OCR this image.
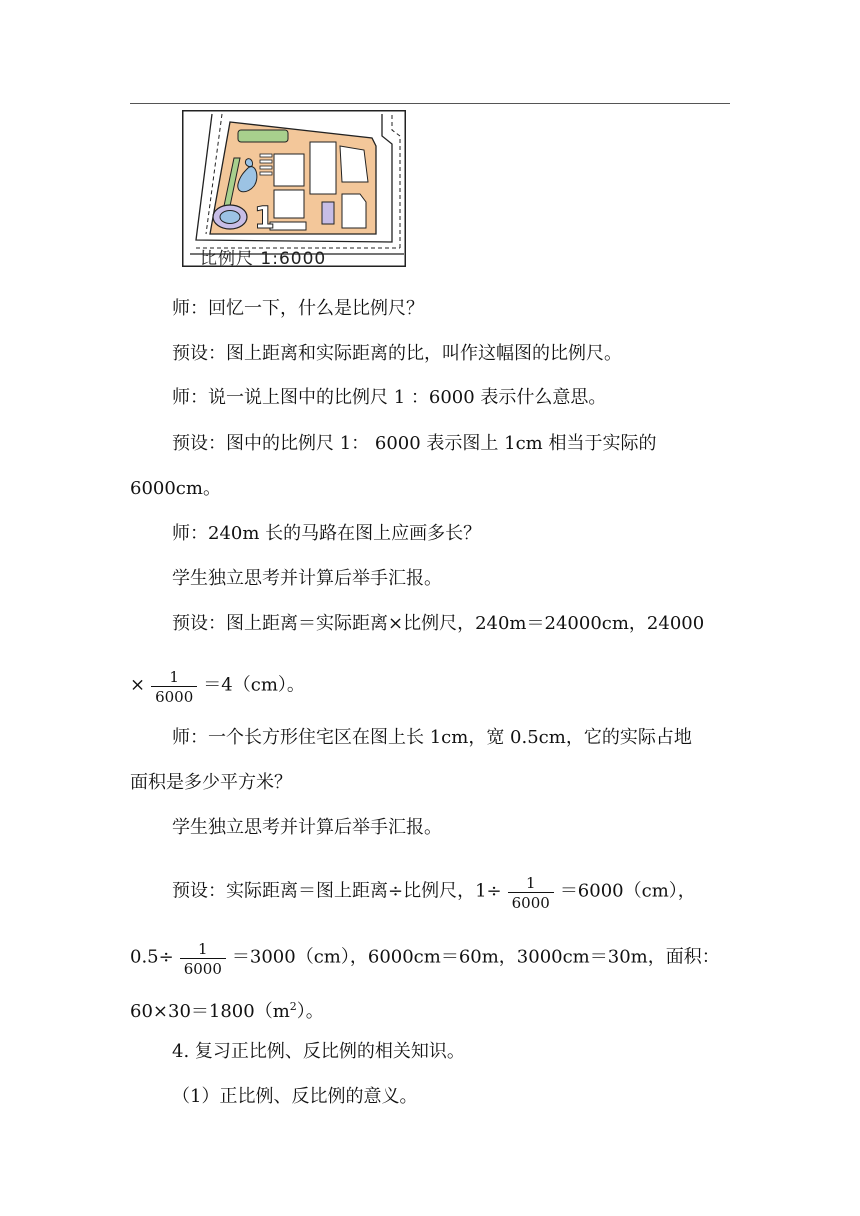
1
比例尺 1:6000
师：回忆一下，什么是比例尺？
预设：图上距离和实际距离的比，叫作这幅图的比例尺。
师：说一说上图中的比例尺 1 ：6000 表示什么意思。
预设：图中的比例尺 1： 6000 表示图上 1cm 相当于实际的
6000cm。
师：240m 长的马路在图上应画多长？
学生独立思考并计算后举手汇报。
预设：图上距离＝实际距离×比例尺，240m＝24000cm，24000
× $\frac{1}{6000} =4(cm)$。
师：一个长方形住宅区在图上长 1cm，宽 0.5cm，它的实际占地
面积是多少平方米？
学生独立思考并计算后举手汇报。
预设：实际距离＝图上距离÷比例尺，$1\div \frac{1}{6000} =6000(cm)$，
$0.5\div \frac{1}{6000} =3000(cm)$，6000cm＝60m，3000cm＝30m，面积：
$60\times 30=1800(m^2)$。
4. 复习正比例、反比例的相关知识。
（1）正比例、反比例的意义。
